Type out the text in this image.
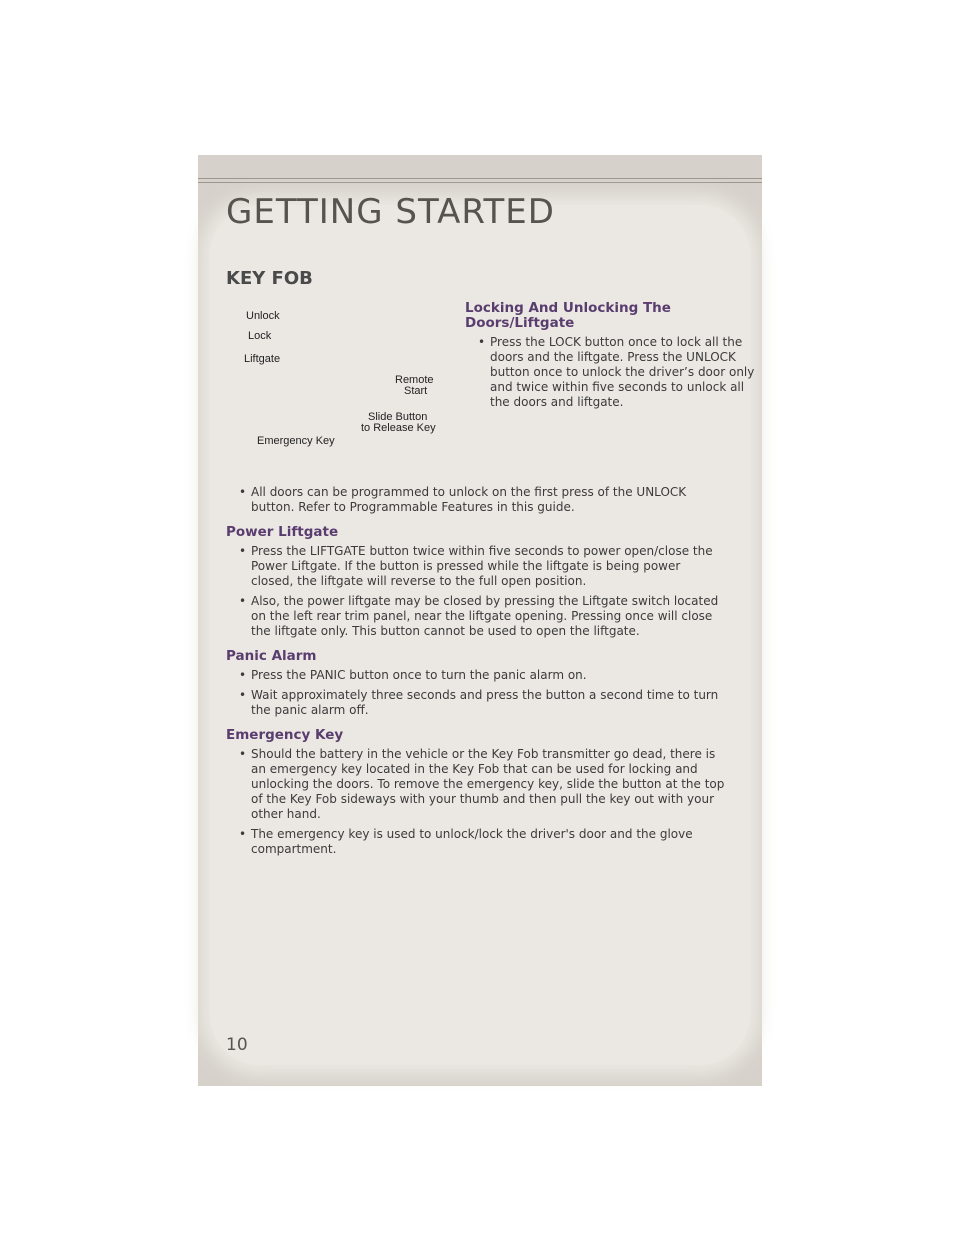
GETTING STARTED
KEY FOB
Unlock
Lock
Liftgate
Remote
Start
Slide Button
to Release Key
Emergency Key
Locking And Unlocking The
Doors/Liftgate
• Press the LOCK button once to lock all the doors and the liftgate. Press the UNLOCK button once to unlock the driver’s door only and twice within five seconds to unlock all the doors and liftgate.
• All doors can be programmed to unlock on the first press of the UNLOCK button. Refer to Programmable Features in this guide.
Power Liftgate
• Press the LIFTGATE button twice within five seconds to power open/close the Power Liftgate. If the button is pressed while the liftgate is being power closed, the liftgate will reverse to the full open position.
• Also, the power liftgate may be closed by pressing the Liftgate switch located on the left rear trim panel, near the liftgate opening. Pressing once will close the liftgate only. This button cannot be used to open the liftgate.
Panic Alarm
• Press the PANIC button once to turn the panic alarm on.
• Wait approximately three seconds and press the button a second time to turn the panic alarm off.
Emergency Key
• Should the battery in the vehicle or the Key Fob transmitter go dead, there is an emergency key located in the Key Fob that can be used for locking and unlocking the doors. To remove the emergency key, slide the button at the top of the Key Fob sideways with your thumb and then pull the key out with your other hand.
• The emergency key is used to unlock/lock the driver's door and the glove compartment.
10
